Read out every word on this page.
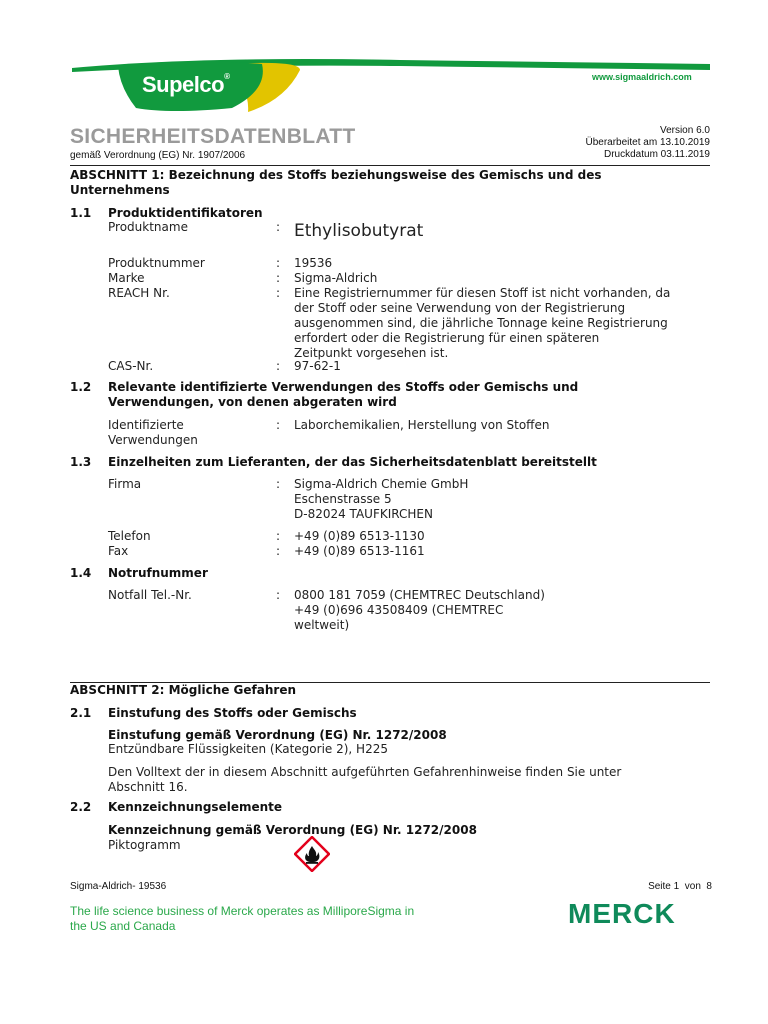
Supelco®	www.sigmaaldrich.com
SICHERHEITSDATENBLATT
gemäß Verordnung (EG) Nr. 1907/2006
Version 6.0
Überarbeitet am 13.10.2019
Druckdatum 03.11.2019
ABSCHNITT 1: Bezeichnung des Stoffs beziehungsweise des Gemischs und des
Unternehmens
1.1 Produktidentifikatoren
Produktname	: Ethylisobutyrat
Produktnummer	: 19536
Marke	: Sigma-Aldrich
REACH Nr.	: Eine Registriernummer für diesen Stoff ist nicht vorhanden, da
der Stoff oder seine Verwendung von der Registrierung
ausgenommen sind, die jährliche Tonnage keine Registrierung
erfordert oder die Registrierung für einen späteren
Zeitpunkt vorgesehen ist.
CAS-Nr.	: 97-62-1
1.2 Relevante identifizierte Verwendungen des Stoffs oder Gemischs und
Verwendungen, von denen abgeraten wird
Identifizierte
Verwendungen
: Laborchemikalien, Herstellung von Stoffen
1.3 Einzelheiten zum Lieferanten, der das Sicherheitsdatenblatt bereitstellt
Firma	: Sigma-Aldrich Chemie GmbH
Eschenstrasse 5
D-82024 TAUFKIRCHEN
Telefon	: +49 (0)89 6513-1130
Fax	: +49 (0)89 6513-1161
1.4 Notrufnummer
Notfall Tel.-Nr.	: 0800 181 7059 (CHEMTREC Deutschland)
+49 (0)696 43508409 (CHEMTREC
weltweit)
ABSCHNITT 2: Mögliche Gefahren
2.1 Einstufung des Stoffs oder Gemischs
Einstufung gemäß Verordnung (EG) Nr. 1272/2008
Entzündbare Flüssigkeiten (Kategorie 2), H225
Den Volltext der in diesem Abschnitt aufgeführten Gefahrenhinweise finden Sie unter
Abschnitt 16.
2.2 Kennzeichnungselemente
Kennzeichnung gemäß Verordnung (EG) Nr. 1272/2008
Piktogramm
Sigma-Aldrich- 19536	Seite 1  von  8
The life science business of Merck operates as MilliporeSigma in
the US and Canada	MERCK
